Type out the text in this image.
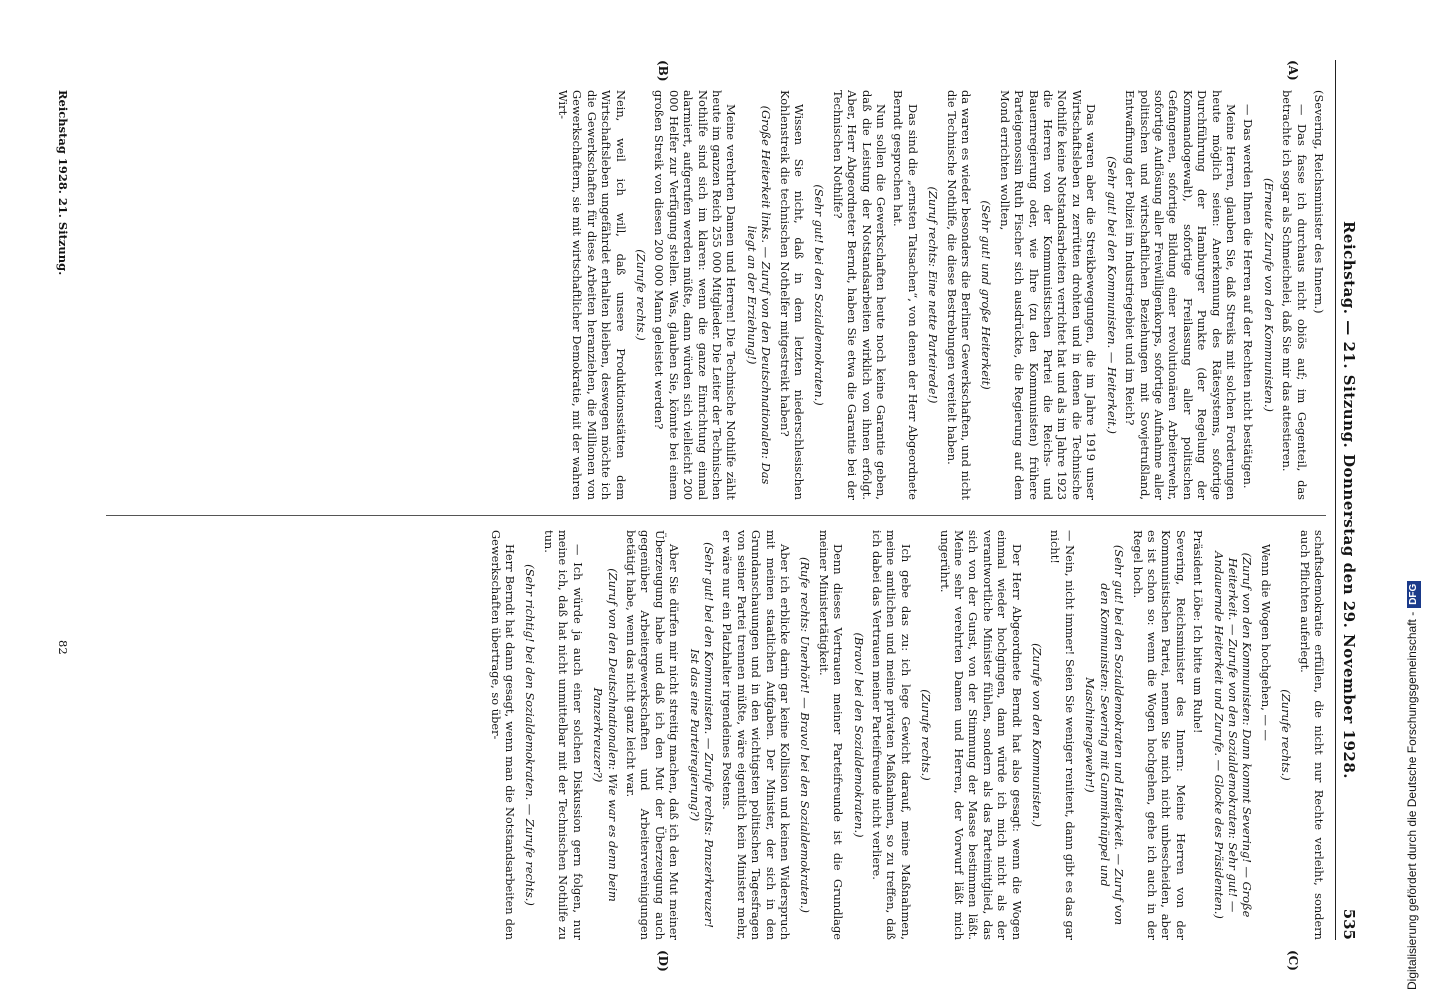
Reichstag. — 21. Sitzung. Donnerstag den 29. November 1928.
535
(A)
(B)
(C)
(D)

(Severing, Reichsminister des Innern.)

— Das fasse ich durchaus nicht obiös auf; im Gegenteil, das betrachte ich sogar als Schmeichelei, daß Sie mir das attestieren.

(Erneute Zurufe von den Kommunisten.)

— Das werden Ihnen die Herren auf der Rechten nicht bestätigen.

Meine Herren, glauben Sie, daß Streiks mit solchen Forderungen heute möglich seien: Anerkennung des Rätesystems, sofortige Durchführung der Hamburger Punkte (der Regelung der Kommandogewalt), sofortige Freilassung aller politischen Gefangenen, sofortige Bildung einer revolutionären Arbeiterwehr, sofortige Auflösung aller Freiwilligenkorps, sofortige Aufnahme aller politischen und wirtschaftlichen Beziehungen mit Sowjetrußland, Entwaffnung der Polizei im Industriegebiet und im Reich?

(Sehr gut! bei den Kommunisten. — Heiterkeit.)

Das waren aber die Streikbewegungen, die im Jahre 1919 unser Wirtschaftsleben zu zerrütten drohten und in denen die Technische Nothilfe keine Notstandsarbeiten verrichtet hat und als im Jahre 1923 die Herren von der Kommunistischen Partei die Reichs- und Bauernregierung oder, wie Ihre (zu den Kommunisten) frühere Parteigenossin Ruth Fischer sich ausdrückte, die Regierung auf dem Mond errichten wollten,

(Sehr gut! und große Heiterkeit)

da waren es wieder besonders die Berliner Gewerkschaften, und nicht die Technische Nothilfe, die diese Bestrebungen vereitelt haben.

(Zuruf rechts: Eine nette Parteirede!)

Das sind die „ernsten Tatsachen“, von denen der Herr Abgeordnete Berndt gesprochen hat.

Nun sollen die Gewerkschaften heute noch keine Garantie geben, daß die Leistung der Notstandsarbeiten wirklich von ihnen erfolgt. Aber, Herr Abgeordneter Berndt, haben Sie etwa die Garantie bei der Technischen Nothilfe?

(Sehr gut! bei den Sozialdemokraten.)

Wissen Sie nicht, daß in dem letzten niederschlesischen Kohlenstreik die technischen Nothelfer mitgestreikt haben?

(Große Heiterkeit links. — Zuruf von den Deutschnationalen: Das liegt an der Erziehung!)

Meine verehrten Damen und Herren! Die Technische Nothilfe zählt heute im ganzen Reich 255 000 Mitglieder. Die Leiter der Technischen Nothilfe sind sich im klaren: wenn die ganze Einrichtung einmal alarmiert, aufgerufen werden müßte, dann würden sich vielleicht 200 000 Helfer zur Verfügung stellen. Was, glauben Sie, könnte bei einem großen Streik von diesen 200 000 Mann geleistet werden?

(Zurufe rechts.)

Nein, weil ich will, daß unsere Produktionsstätten dem Wirtschaftsleben ungefährdet erhalten bleiben, deswegen möchte ich die Gewerkschaften für diese Arbeiten heranziehen, die Millionen von Gewerkschaftern, sie mit wirtschaftlicher Demokratie, mit der wahren Wirt-

schaftsdemokratie erfüllen, die nicht nur Rechte verleiht, sondern auch Pflichten auferlegt.

(Zurufe rechts.)

Wenn die Wogen hochgehen, — —

(Zuruf von den Kommunisten: Dann kommt Severing! — Große Heiterkeit. — Zurufe von den Sozialdemokraten: Sehr gut! — Andauernde Heiterkeit und Zurufe. — Glocke des Präsidenten.)

Präsident Löbe: Ich bitte um Ruhe!

Severing, Reichsminister des Innern: Meine Herren von der Kommunistischen Partei, nennen Sie mich nicht unbescheiden, aber es ist schon so: wenn die Wogen hochgehen, gehe ich auch in der Regel hoch.

(Sehr gut! bei den Sozialdemokraten und Heiterkeit. — Zuruf von den Kommunisten: Severing mit Gummiknüppel und Maschinengewehr!)

— Nein, nicht immer! Seien Sie weniger renitent, dann gibt es das gar nicht!

(Zurufe von den Kommunisten.)

Der Herr Abgeordnete Berndt hat also gesagt: wenn die Wogen einmal wieder hochgingen, dann würde ich mich nicht als der verantwortliche Minister fühlen, sondern als das Parteimitglied, das sich von der Gunst, von der Stimmung der Masse bestimmen läßt. Meine sehr verehrten Damen und Herren, der Vorwurf läßt mich ungerührt.

(Zurufe rechts.)

Ich gebe das zu: ich lege Gewicht darauf, meine Maßnahmen, meine amtlichen und meine privaten Maßnahmen, so zu treffen, daß ich dabei das Vertrauen meiner Parteifreunde nicht verliere.

(Bravo! bei den Sozialdemokraten.)

Denn dieses Vertrauen meiner Parteifreunde ist die Grundlage meiner Ministertätigkeit.

(Rufe rechts: Unerhört! — Bravo! bei den Sozialdemokraten.)

Aber ich erblicke darin gar keine Kollision und keinen Widerspruch mit meinen staatlichen Aufgaben. Der Minister, der sich in den Grundanschauungen und in den wichtigsten politischen Tagesfragen von seiner Partei trennen müßte, wäre eigentlich kein Minister mehr, er wäre nur ein Platzhalter irgendeines Postens.

(Sehr gut! bei den Kommunisten. — Zurufe rechts: Panzerkreuzer! Ist das eine Parteiregierung?)

Aber Sie dürfen mir nicht streitig machen, daß ich den Mut meiner Überzeugung habe und daß ich den Mut der Überzeugung auch gegenüber Arbeitergewerkschaften und Arbeitervereinigungen betätigt habe, wenn das nicht ganz leicht war.

(Zuruf von den Deutschnationalen: Wie war es denn beim Panzerkreuzer?)

— Ich würde ja auch einer solchen Diskussion gern folgen, nur meine ich, daß hat nicht unmittelbar mit der Technischen Nothilfe zu tun.

(Sehr richtig! bei den Sozialdemokraten. — Zurufe rechts.)

Herr Berndt hat dann gesagt, wenn man die Notstandsarbeiten den Gewerkschaften übertrage, so über-

Reichstag 1928. 21. Sitzung.
82	Digitalisierung gefördert durch die Deutsche Forschungsgemeinschaft -DFG
